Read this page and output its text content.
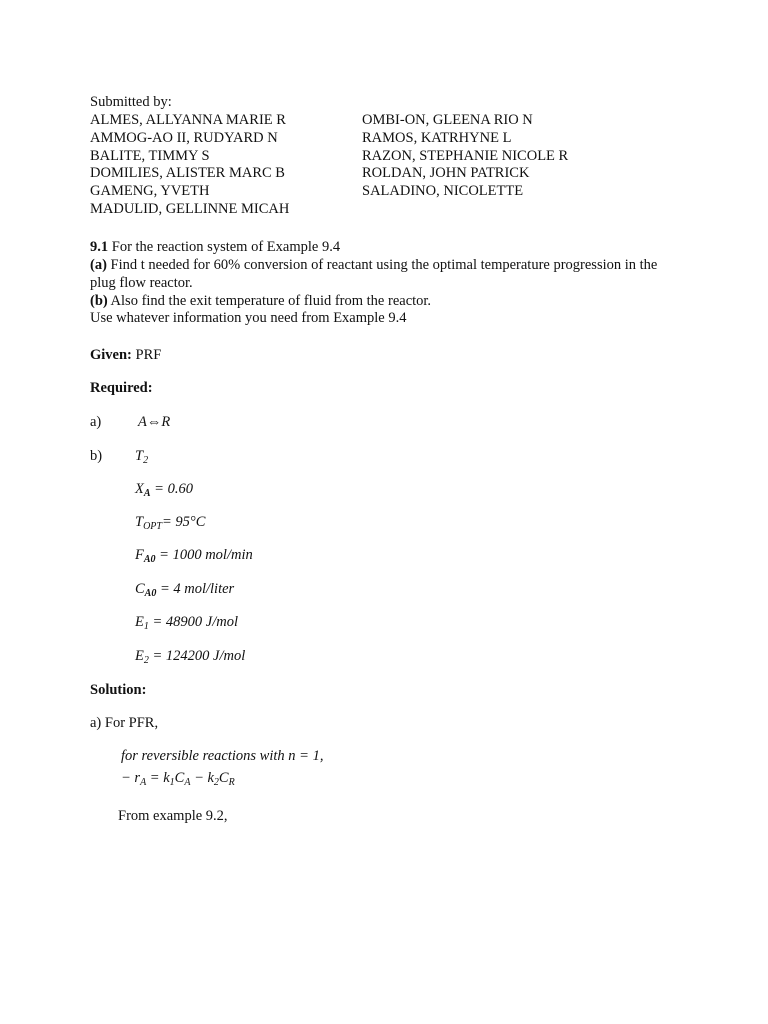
Submitted by:
ALMES, ALLYANNA MARIE R
AMMOG-AO II, RUDYARD N
BALITE, TIMMY S
DOMILIES, ALISTER MARC B
GAMENG, YVETH
MADULID, GELLINNE MICAH
OMBI-ON, GLEENA RIO N
RAMOS, KATRHYNE L
RAZON, STEPHANIE NICOLE R
ROLDAN, JOHN PATRICK
SALADINO, NICOLETTE
9.1 For the reaction system of Example 9.4
(a) Find t needed for 60% conversion of reactant using the optimal temperature progression in the
plug flow reactor.
(b) Also find the exit temperature of fluid from the reactor.
Use whatever information you need from Example 9.4
Given: PRF
Required:
a)	A⇔R
b) $T_2$
$X_A = 0.60$
$T_{OPT}= 95^\circ C$
$F_{A0} = 1000$ mol/min
$C_{A0} = 4$ mol/liter
$E_1 = 48900$ J/mol
$E_2 = 124200$ J/mol
Solution:
a) For PFR,
for reversible reactions with n = 1,
− $r_A = k_1C_A - k_2C_R$
From example 9.2,
